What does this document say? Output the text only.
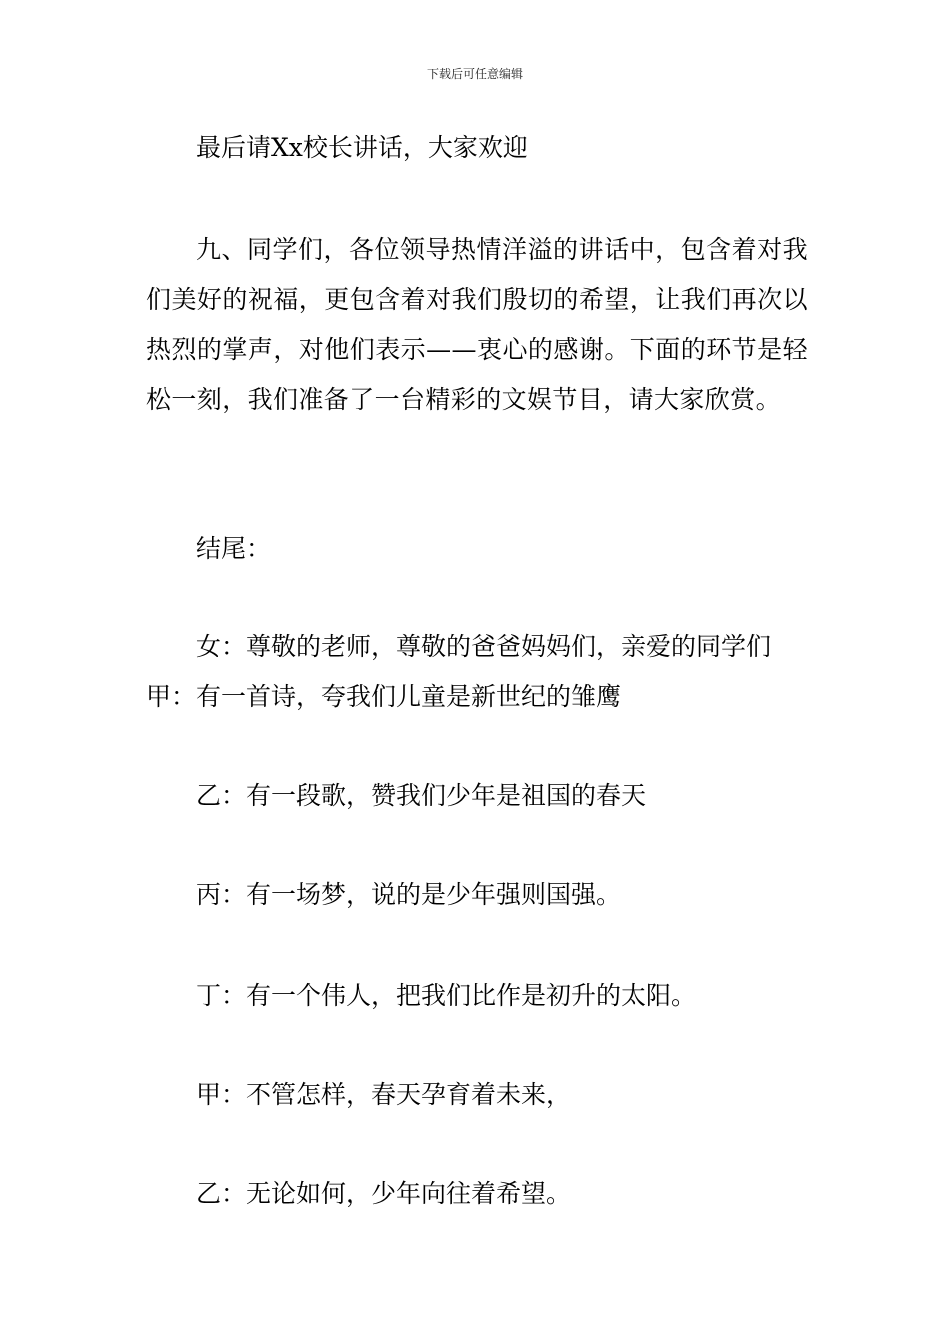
下载后可任意编辑
最后请Xx校长讲话，大家欢迎
九、同学们，各位领导热情洋溢的讲话中，包含着对我们美好的祝福，更包含着对我们殷切的希望，让我们再次以热烈的掌声，对他们表示——衷心的感谢。下面的环节是轻松一刻，我们准备了一台精彩的文娱节目，请大家欣赏。
结尾：
女：尊敬的老师，尊敬的爸爸妈妈们，亲爱的同学们
甲：有一首诗，夸我们儿童是新世纪的雏鹰
乙：有一段歌，赞我们少年是祖国的春天
丙：有一场梦，说的是少年强则国强。
丁：有一个伟人，把我们比作是初升的太阳。
甲：不管怎样，春天孕育着未来，
乙：无论如何，少年向往着希望。
